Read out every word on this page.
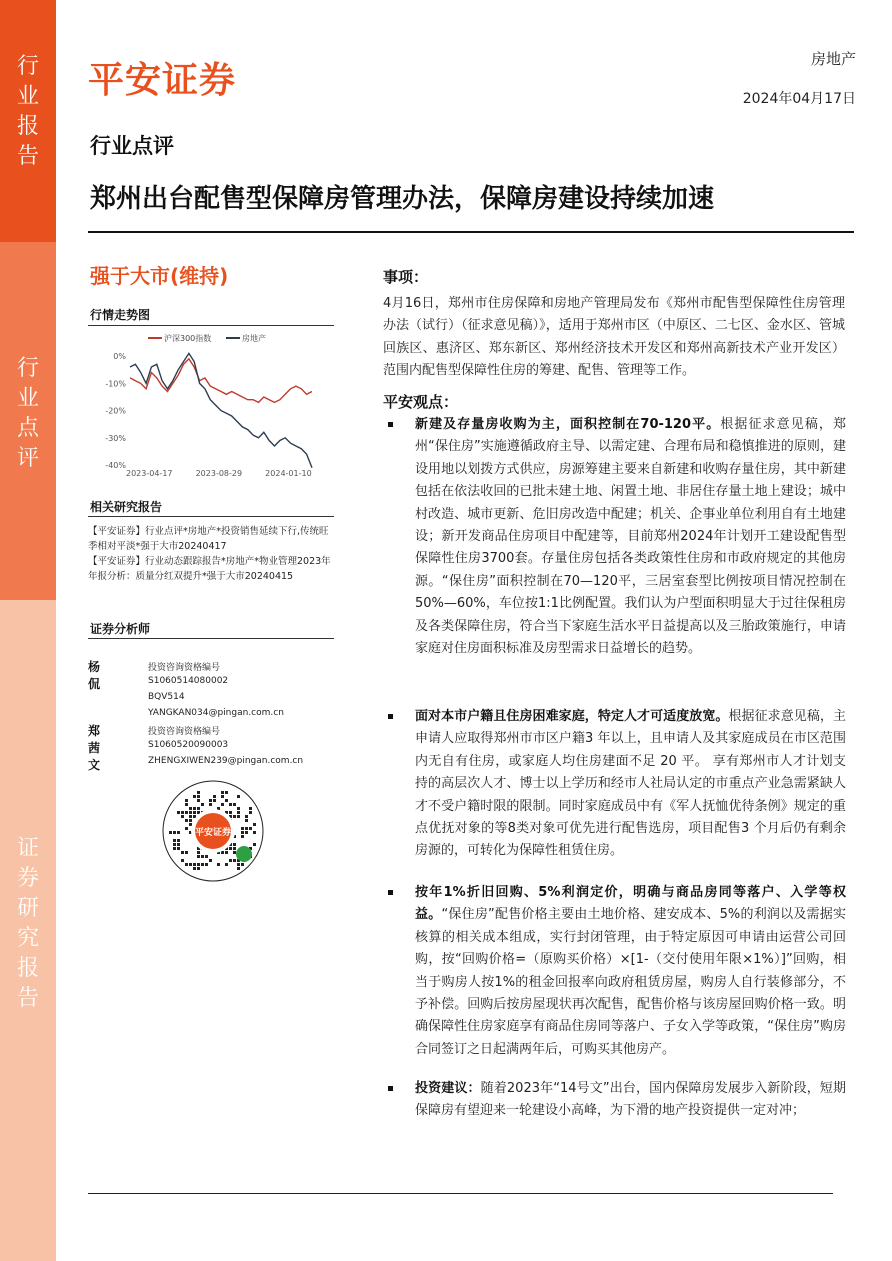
行业报告
行业点评
证券研究报告
平安证券
房地产
2024年04月17日
行业点评
郑州出台配售型保障房管理办法，保障房建设持续加速
强于大市(维持)
行情走势图
沪深300指数	房地产
0%
-10%
-20%
-30%
-40%
2023-04-17	2023-08-29	2024-01-10
相关研究报告
【平安证券】行业点评*房地产*投资销售延续下行,传统旺季相对平淡*强于大市20240417
【平安证券】行业动态跟踪报告*房地产*物业管理2023年年报分析：质量分红双提升*强于大市20240415
证券分析师
杨侃
投资咨询资格编号
S1060514080002
BQV514
YANGKAN034@pingan.com.cn
郑茜文
投资咨询资格编号
S1060520090003
ZHENGXIWEN239@pingan.com.cn
平安证券
事项：
4月16日，郑州市住房保障和房地产管理局发布《郑州市配售型保障性住房管理办法（试行）（征求意见稿）》，适用于郑州市区（中原区、二七区、金水区、管城回族区、惠济区、郑东新区、郑州经济技术开发区和郑州高新技术产业开发区）范围内配售型保障性住房的筹建、配售、管理等工作。
平安观点：
新建及存量房收购为主，面积控制在70-120平。根据征求意见稿，郑州“保住房”实施遵循政府主导、以需定建、合理布局和稳慎推进的原则，建设用地以划拨方式供应，房源筹建主要来自新建和收购存量住房，其中新建包括在依法收回的已批未建土地、闲置土地、非居住存量土地上建设；城中村改造、城市更新、危旧房改造中配建；机关、企事业单位利用自有土地建设；新开发商品住房项目中配建等，目前郑州2024年计划开工建设配售型保障性住房3700套。存量住房包括各类政策性住房和市政府规定的其他房源。“保住房”面积控制在70—120平，三居室套型比例按项目情况控制在50%—60%，车位按1:1比例配置。我们认为户型面积明显大于过往保租房及各类保障住房，符合当下家庭生活水平日益提高以及三胎政策施行，申请家庭对住房面积标准及房型需求日益增长的趋势。
面对本市户籍且住房困难家庭，特定人才可适度放宽。根据征求意见稿，主申请人应取得郑州市市区户籍3 年以上，且申请人及其家庭成员在市区范围内无自有住房，或家庭人均住房建面不足 20 平。 享有郑州市人才计划支持的高层次人才、博士以上学历和经市人社局认定的市重点产业急需紧缺人才不受户籍时限的限制。同时家庭成员中有《军人抚恤优待条例》规定的重点优抚对象的等8类对象可优先进行配售选房，项目配售3 个月后仍有剩余房源的，可转化为保障性租赁住房。
按年1%折旧回购、5%利润定价，明确与商品房同等落户、入学等权益。“保住房”配售价格主要由土地价格、建安成本、5%的利润以及需据实核算的相关成本组成，实行封闭管理，由于特定原因可申请由运营公司回购，按“回购价格=（原购买价格）×[1-（交付使用年限×1%）]”回购，相当于购房人按1%的租金回报率向政府租赁房屋，购房人自行装修部分，不予补偿。回购后按房屋现状再次配售，配售价格与该房屋回购价格一致。明确保障性住房家庭享有商品住房同等落户、子女入学等政策，“保住房”购房合同签订之日起满两年后，可购买其他房产。
投资建议：随着2023年“14号文”出台，国内保障房发展步入新阶段，短期保障房有望迎来一轮建设小高峰，为下滑的地产投资提供一定对冲；
